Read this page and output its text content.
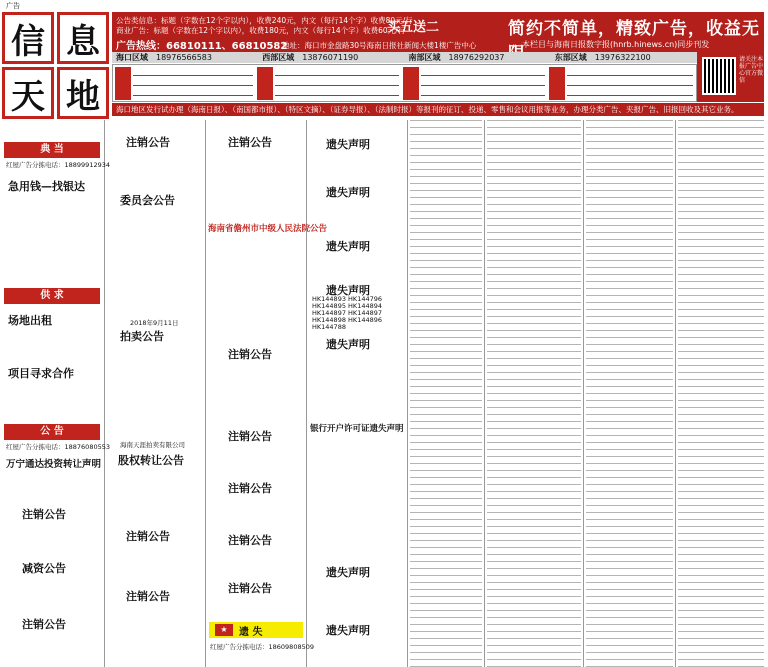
广告
信 息
天 地
公告类信息：标题（字数在12个字以内），收费240元，内文（每行14个字）收费80元/行
商业广告：标题（字数在12个字以内），收费180元，内文（每行14个字）收费60元/行
广告热线：66810111、66810582
地址：海口市金盘路30号海南日报社新闻大楼1楼广告中心
买五送二	简约不简单，精致广告，收益无
本栏目与海南日报数字报(hnrb.hinews.cn)同步刊发
海口区域　 18976566583	西部区域　 13876071190	南部区域　 18976292037	东部区域　 13976322100	请关注本报广告中心官方微信
海口地区发行试办理（海南日报）、（南国都市报）、（特区文摘）、（证券导报）、（法制时报）等报刊的征订、投递、零售和会议用报等业务，办理分类广告、夹报广告、旧报回收及其它业务。
典 当
红屋广告分拣电话：18899912934
急用钱—找银达
供 求
场地出租
项目寻求合作
公 告
红屋广告分拣电话：18876080553
万宁通达投资转让声明
注销公告
减资公告
注销公告
注销公告
委员会公告
2018年9月11日
拍卖公告
海南天涯拍卖有限公司
股权转让公告
注销公告
注销公告
注销公告
海南省儋州市中级人民法院公告
注销公告
注销公告
注销公告
注销公告
注销公告
★	遗 失
红屋广告分拣电话：18609808509
遗失声明
遗失声明
遗失声明
遗失声明
HK144893 HK144796
HK144895 HK144894
HK144897 HK144897
HK144898 HK144896
HK144788
遗失声明
银行开户许可证遗失声明
遗失声明
遗失声明
